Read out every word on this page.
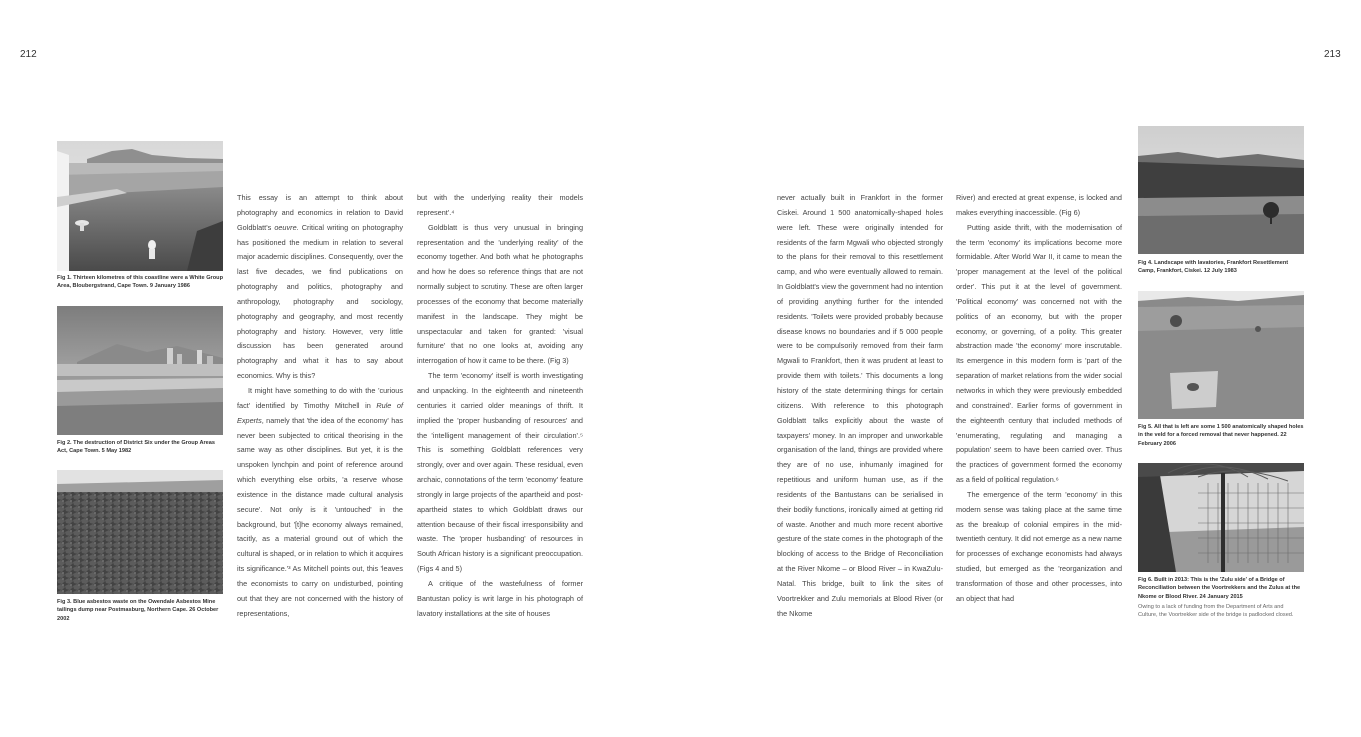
212	213
Fig 1. Thirteen kilometres of this coastline were a White Group Area, Bloubergstrand, Cape Town. 9 January 1986
Fig 2. The destruction of District Six under the Group Areas Act, Cape Town. 5 May 1982
Fig 3. Blue asbestos waste on the Owendale Asbestos Mine tailings dump near Postmasburg, Northern Cape. 26 October 2002

This essay is an attempt to think about photography and economics in relation to David Goldblatt's oeuvre. Critical writing on photography has positioned the medium in relation to several major academic disciplines. Consequently, over the last five decades, we find publications on photography and politics, photography and anthropology, photography and sociology, photography and geography, and most recently photography and history. However, very little discussion has been generated around photography and what it has to say about economics. Why is this?

It might have something to do with the 'curious fact' identified by Timothy Mitchell in Rule of Experts, namely that 'the idea of the economy' has never been subjected to critical theorising in the same way as other disciplines. But yet, it is the unspoken lynchpin and point of reference around which everything else orbits, 'a reserve whose existence in the distance made cultural analysis secure'. Not only is it 'untouched' in the background, but '[t]he economy always remained, tacitly, as a material ground out of which the cultural is shaped, or in relation to which it acquires its significance.'³ As Mitchell points out, this 'leaves the economists to carry on undisturbed, pointing out that they are not concerned with the history of representations,

but with the underlying reality their models represent'.⁴

Goldblatt is thus very unusual in bringing representation and the 'underlying reality' of the economy together. And both what he photographs and how he does so reference things that are not normally subject to scrutiny. These are often larger processes of the economy that become materially manifest in the landscape. They might be unspectacular and taken for granted: 'visual furniture' that no one looks at, avoiding any interrogation of how it came to be there. (Fig 3)

The term 'economy' itself is worth investigating and unpacking. In the eighteenth and nineteenth centuries it carried older meanings of thrift. It implied the 'proper husbanding of resources' and the 'intelligent management of their circulation'.⁵ This is something Goldblatt references very strongly, over and over again. These residual, even archaic, connotations of the term 'economy' feature strongly in large projects of the apartheid and post-apartheid states to which Goldblatt draws our attention because of their fiscal irresponsibility and waste. The 'proper husbanding' of resources in South African history is a significant preoccupation. (Figs 4 and 5)

A critique of the wastefulness of former Bantustan policy is writ large in his photograph of lavatory installations at the site of houses

never actually built in Frankfort in the former Ciskei. Around 1 500 anatomically-shaped holes were left. These were originally intended for residents of the farm Mgwali who objected strongly to the plans for their removal to this resettlement camp, and who were eventually allowed to remain. In Goldblatt's view the government had no intention of providing anything further for the intended residents. 'Toilets were provided probably because disease knows no boundaries and if 5 000 people were to be compulsorily removed from their farm Mgwali to Frankfort, then it was prudent at least to provide them with toilets.' This documents a long history of the state determining things for certain citizens. With reference to this photograph Goldblatt talks explicitly about the waste of taxpayers' money. In an improper and unworkable organisation of the land, things are provided where they are of no use, inhumanly imagined for repetitious and uniform human use, as if the residents of the Bantustans can be serialised in their bodily functions, ironically aimed at getting rid of waste. Another and much more recent abortive gesture of the state comes in the photograph of the blocking of access to the Bridge of Reconciliation at the River Nkome – or Blood River – in KwaZulu-Natal. This bridge, built to link the sites of Voortrekker and Zulu memorials at Blood River (or the Nkome

River) and erected at great expense, is locked and makes everything inaccessible. (Fig 6)

Putting aside thrift, with the modernisation of the term 'economy' its implications become more formidable. After World War II, it came to mean the 'proper management at the level of the political order'. This put it at the level of government. 'Political economy' was concerned not with the politics of an economy, but with the proper economy, or governing, of a polity. This greater abstraction made 'the economy' more inscrutable. Its emergence in this modern form is 'part of the separation of market relations from the wider social networks in which they were previously embedded and constrained'. Earlier forms of government in the eighteenth century that included methods of 'enumerating, regulating and managing a population' seem to have been carried over. Thus the practices of government formed the economy as a field of political regulation.⁶

The emergence of the term 'economy' in this modern sense was taking place at the same time as the breakup of colonial empires in the mid-twentieth century. It did not emerge as a new name for processes of exchange economists had always studied, but emerged as the 'reorganization and transformation of those and other processes, into an object that had

Fig 4. Landscape with lavatories, Frankfort Resettlement Camp, Frankfort, Ciskei. 12 July 1983
Fig 5. All that is left are some 1 500 anatomically shaped holes in the veld for a forced removal that never happened. 22 February 2006
Fig 6. Built in 2013: This is the 'Zulu side' of a Bridge of Reconciliation between the Voortrekkers and the Zulus at the Nkome or Blood River. 24 January 2015
Owing to a lack of funding from the Department of Arts and Culture, the Voortrekker side of the bridge is padlocked closed.
